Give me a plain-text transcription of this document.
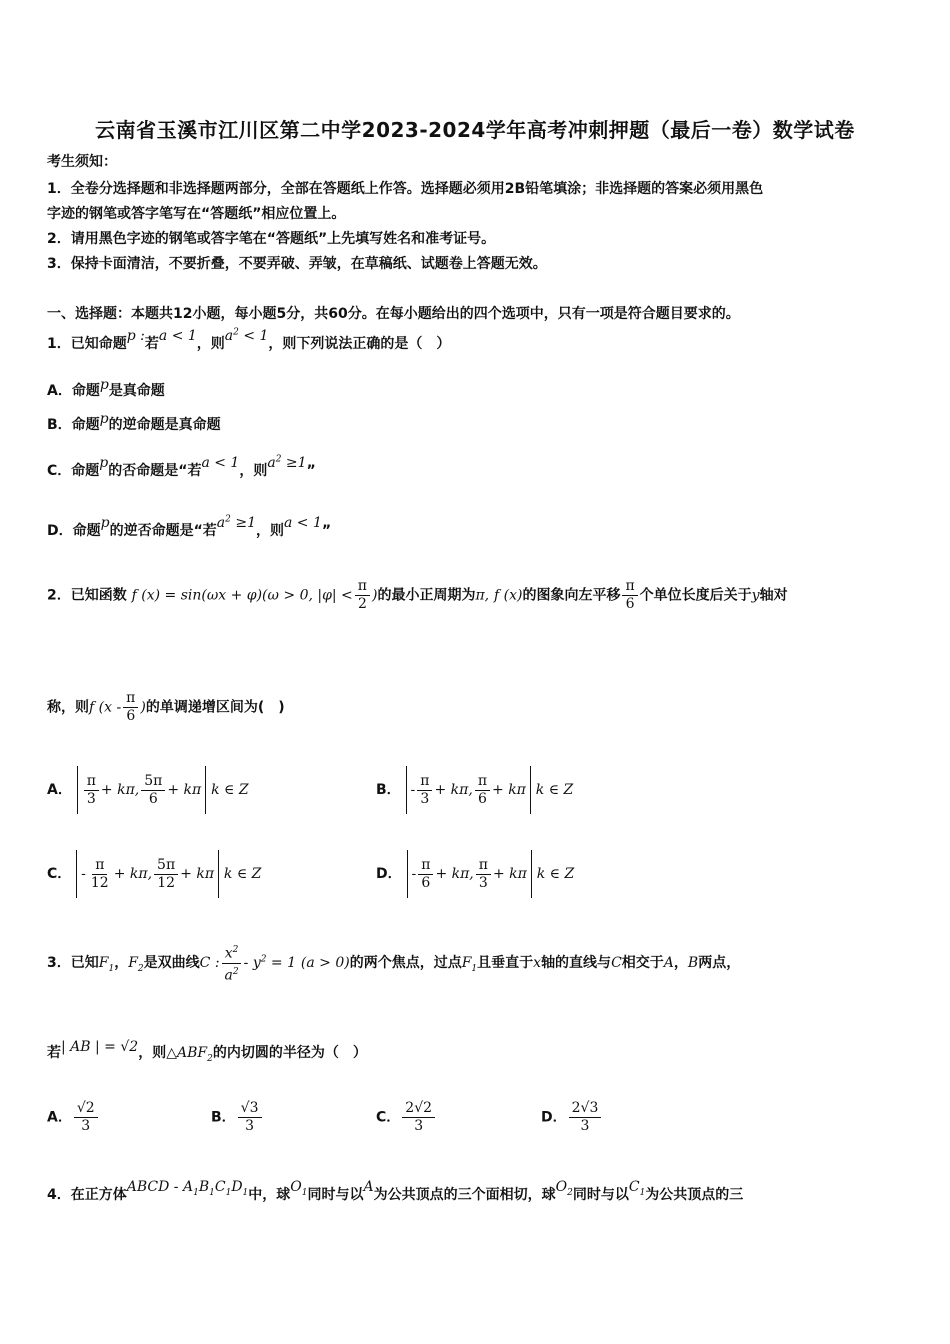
云南省玉溪市江川区第二中学2023-2024学年高考冲刺押题（最后一卷）数学试卷
考生须知：
1．全卷分选择题和非选择题两部分，全部在答题纸上作答。选择题必须用2B铅笔填涂；非选择题的答案必须用黑色
字迹的钢笔或答字笔写在“答题纸”相应位置上。
2．请用黑色字迹的钢笔或答字笔在“答题纸”上先填写姓名和准考证号。
3．保持卡面清洁，不要折叠，不要弄破、弄皱，在草稿纸、试题卷上答题无效。
一、选择题：本题共12小题，每小题5分，共60分。在每小题给出的四个选项中，只有一项是符合题目要求的。
1．已知命题p :若a < 1，则$a^2 < 1$，则下列说法正确的是（　）
A．命题p是真命题
B．命题p的逆命题是真命题
C．命题p的否命题是“若a < 1，则$a^2 \ge 1$”
D．命题p的逆否命题是“若$a^2 \ge 1$，则a < 1”
2．已知函数 f (x) = sin(ωx + φ)(ω > 0, $|\varphi| < \frac{\pi}{2}$ )的最小正周期为π, f (x)的图象向左平移 $\frac{\pi}{6}$ 个单位长度后关于y轴对
称，则f ($x - \frac{\pi}{6}$ )的单调递增区间为(　)
A． $\frac{\pi}{3} + k\pi$, $\frac{5\pi}{6} + k\pi$ k ∈ Z	B． - $\frac{\pi}{3} + k\pi$, $\frac{\pi}{6} + k\pi$ k ∈ Z
C． - $\frac{\pi}{12} + k\pi$, $\frac{5\pi}{12} + k\pi$ k ∈ Z	D． - $\frac{\pi}{6} + k\pi$, $\frac{\pi}{3} + k\pi$ k ∈ Z
3．已知$F_1$，$F_2$是双曲线C : $\frac{x^2}{a^2} - y^2 = 1$ (a > 0)的两个焦点，过点$F_1$且垂直于x轴的直线与C相交于A，B两点，
若| AB | = √2，则$\triangle ABF_2$的内切圆的半径为（　）
A． $\frac{√2}{3}$	B． $\frac{√3}{3}$	C． $\frac{2√2}{3}$	D． $\frac{2√3}{3}$
4．在正方体ABCD - $A_1B_1C_1D_1$中，球$O_1$同时与以A为公共顶点的三个面相切，球$O_2$同时与以$C_1$为公共顶点的三
